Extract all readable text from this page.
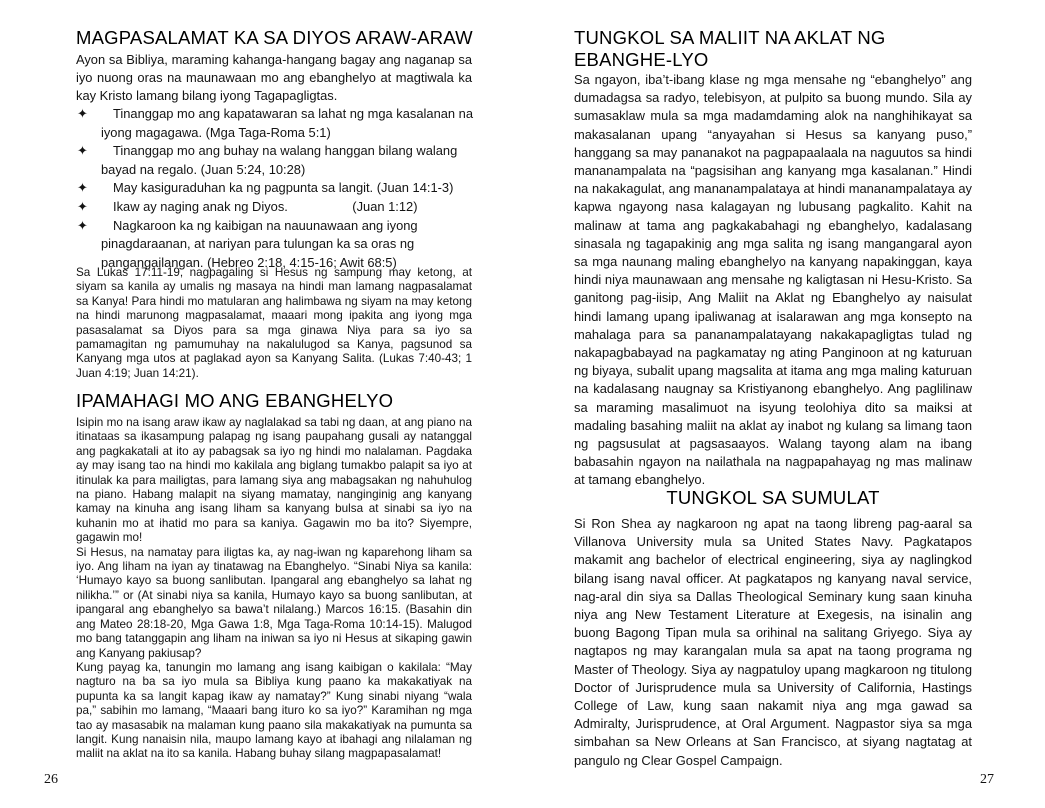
MAGPASALAMAT KA SA DIYOS ARAW-ARAW

Ayon sa Bibliya, maraming kahanga-hangang bagay ang naganap sa iyo nuong oras na maunawaan mo ang ebanghelyo at magtiwala ka kay Kristo lamang bilang iyong Tagapagligtas.

✦	Tinanggap mo ang kapatawaran sa lahat ng mga kasalanan na iyong magagawa. (Mga Taga-Roma 5:1)
✦	Tinanggap mo ang buhay na walang hanggan bilang walang bayad na regalo. (Juan 5:24, 10:28)
✦	May kasiguraduhan ka ng pagpunta sa langit. (Juan 14:1-3)
✦	Ikaw ay naging anak ng Diyos.                  (Juan 1:12)
✦	Nagkaroon ka ng kaibigan na nauunawaan ang iyong pinagdaraanan, at nariyan para tulungan ka sa oras ng pangangailangan. (Hebreo 2:18, 4:15-16; Awit 68:5)

Sa Lukas 17:11-19, nagpagaling si Hesus ng sampung may ketong, at siyam sa kanila ay umalis ng masaya na hindi man lamang nagpasalamat sa Kanya! Para hindi mo matularan ang halimbawa ng siyam na may ketong na hindi marunong magpasalamat, maaari mong ipakita ang iyong mga pasasalamat sa Diyos para sa mga ginawa Niya para sa iyo sa pamamagitan ng pamumuhay na nakalulugod sa Kanya, pagsunod sa Kanyang mga utos at paglakad ayon sa Kanyang Salita. (Lukas 7:40-43; 1 Juan 4:19; Juan 14:21).

IPAMAHAGI MO ANG EBANGHELYO

Isipin mo na isang araw ikaw ay naglalakad sa tabi ng daan, at ang piano na itinataas sa ikasampung palapag ng isang paupahang gusali ay natanggal ang pagkakatali at ito ay pabagsak sa iyo ng hindi mo nalalaman. Pagdaka ay may isang tao na hindi mo kakilala ang biglang tumakbo palapit sa iyo at itinulak ka para mailigtas, para lamang siya ang mabagsakan ng nahuhulog na piano. Habang malapit na siyang mamatay, nanginginig ang kanyang kamay na kinuha ang isang liham sa kanyang bulsa at sinabi sa iyo na kuhanin mo at ihatid mo para sa kaniya. Gagawin mo ba ito? Siyempre, gagawin mo!

Si Hesus, na namatay para iligtas ka, ay nag-iwan ng kaparehong liham sa iyo. Ang liham na iyan ay tinatawag na Ebanghelyo. “Sinabi Niya sa kanila: ‘Humayo kayo sa buong sanlibutan. Ipangaral ang ebanghelyo sa lahat ng nilikha.’” or (At sinabi niya sa kanila, Humayo kayo sa buong sanlibutan, at ipangaral ang ebanghelyo sa bawa’t nilalang.) Marcos 16:15. (Basahin din ang Mateo 28:18-20, Mga Gawa 1:8, Mga Taga-Roma 10:14-15). Malugod mo bang tatanggapin ang liham na iniwan sa iyo ni Hesus at sikaping gawin ang Kanyang pakiusap?

Kung payag ka, tanungin mo lamang ang isang kaibigan o kakilala: “May nagturo na ba sa iyo mula sa Bibliya kung paano ka makakatiyak na pupunta ka sa langit kapag ikaw ay namatay?” Kung sinabi niyang “wala pa,” sabihin mo lamang, “Maaari bang ituro ko sa iyo?” Karamihan ng mga tao ay masasabik na malaman kung paano sila makakatiyak na pumunta sa langit. Kung nanaisin nila, maupo lamang kayo at ibahagi ang nilalaman ng maliit na aklat na ito sa kanila. Habang buhay silang magpapasalamat!

26
TUNGKOL SA MALIIT NA AKLAT NG EBANGHE-LYO

Sa ngayon, iba’t-ibang klase ng mga mensahe ng “ebanghelyo” ang dumadagsa sa radyo, telebisyon, at pulpito sa buong mundo. Sila ay sumasaklaw mula sa mga madamdaming alok na nanghihikayat sa makasalanan upang “anyayahan si Hesus sa kanyang puso,” hanggang sa may pananakot na pagpapaalaala na naguutos sa hindi mananampalata na “pagsisihan ang kanyang mga kasalanan.” Hindi na nakakagulat, ang mananampalataya at hindi mananampalataya ay kapwa ngayong nasa kalagayan ng lubusang pagkalito. Kahit na malinaw at tama ang pagkakabahagi ng ebanghelyo, kadalasang sinasala ng tagapakinig ang mga salita ng isang mangangaral ayon sa mga naunang maling ebanghelyo na kanyang napakinggan, kaya hindi niya maunawaan ang mensahe ng kaligtasan ni Hesu-Kristo. Sa ganitong pag-iisip, Ang Maliit na Aklat ng Ebanghelyo ay naisulat hindi lamang upang ipaliwanag at isalarawan ang mga konsepto na mahalaga para sa pananampalatayang nakakapagligtas tulad ng nakapagbabayad na pagkamatay ng ating Panginoon at ng katuruan ng biyaya, subalit upang magsalita at itama ang mga maling katuruan na kadalasang naugnay sa Kristiyanong ebanghelyo. Ang paglilinaw sa maraming masalimuot na isyung teolohiya dito sa maiksi at madaling basahing maliit na aklat ay inabot ng kulang sa limang taon ng pagsusulat at pagsasaayos. Walang tayong alam na ibang babasahin ngayon na nailathala na nagpapahayag ng mas malinaw at tamang ebanghelyo.

TUNGKOL SA SUMULAT

Si Ron Shea ay nagkaroon ng apat na taong libreng pag-aaral sa Villanova University mula sa United States Navy. Pagkatapos makamit ang bachelor of electrical engineering, siya ay naglingkod bilang isang naval officer. At pagkatapos ng kanyang naval service, nag-aral din siya sa Dallas Theological Seminary kung saan kinuha niya ang New Testament Literature at Exegesis, na isinalin ang buong Bagong Tipan mula sa orihinal na salitang Griyego. Siya ay nagtapos ng may karangalan mula sa apat na taong programa ng Master of Theology. Siya ay nagpatuloy upang magkaroon ng titulong Doctor of Jurisprudence mula sa University of California, Hastings College of Law, kung saan nakamit niya ang mga gawad sa Admiralty, Jurisprudence, at Oral Argument. Nagpastor siya sa mga simbahan sa New Orleans at San Francisco, at siyang nagtatag at pangulo ng Clear Gospel Campaign.

27
